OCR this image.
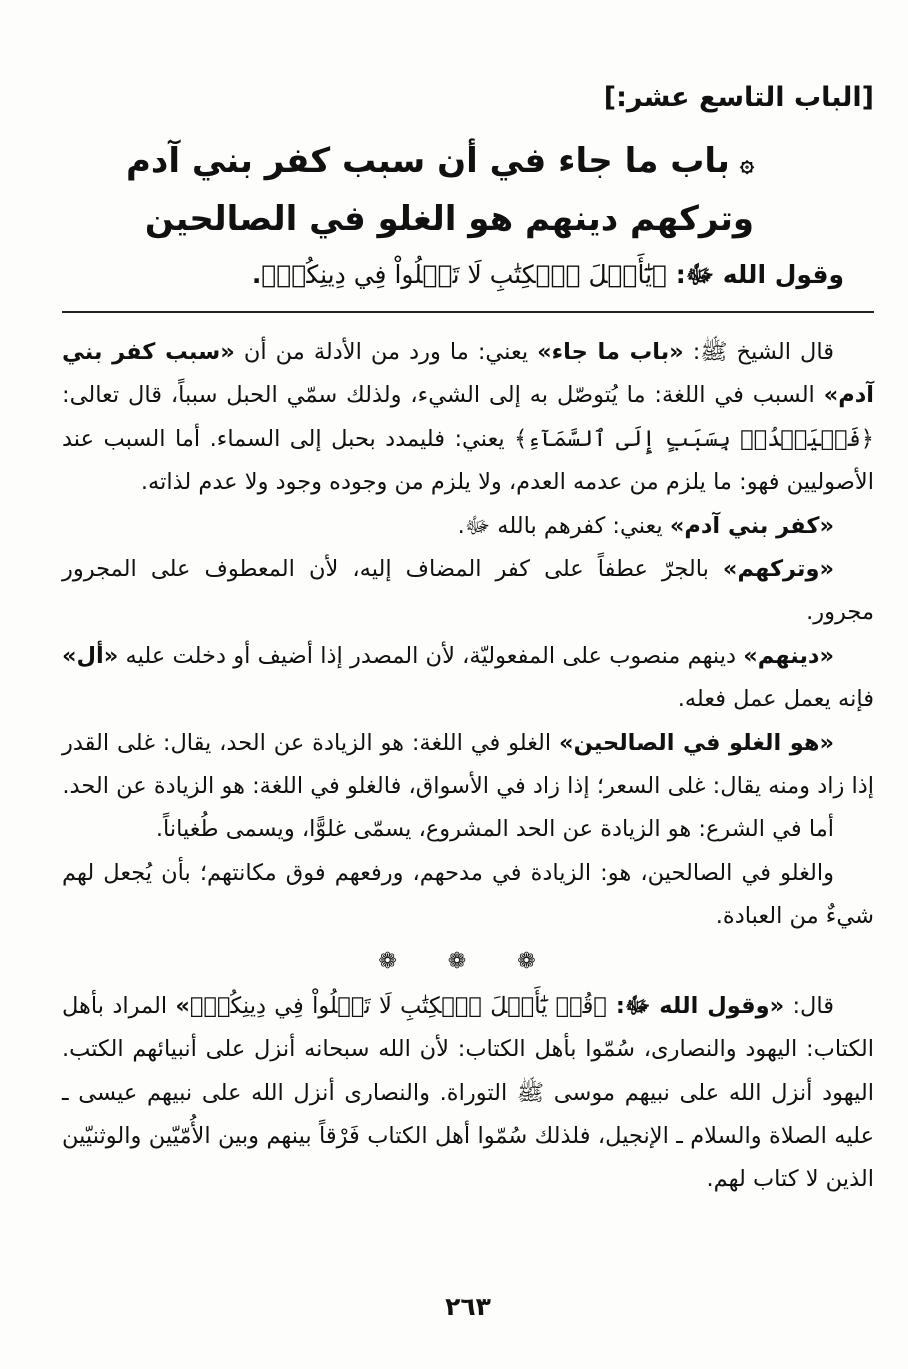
[الباب التاسع عشر:]
۞باب ما جاء في أن سبب كفر بني آدم
وتركهم دينهم هو الغلو في الصالحين
وقول الله ﷻ: ﴿يَٰٓأَهۡلَ ٱلۡكِتَٰبِ لَا تَغۡلُواْ فِي دِينِكُمۡ﴾.

قال الشيخ ﷺ: «باب ما جاء» يعني: ما ورد من الأدلة من أن «سبب كفر بني آدم» السبب في اللغة: ما يُتوصّل به إلى الشيء، ولذلك سمّي الحبل سبباً، قال تعالى: ﴿فَلۡيَمۡدُدۡ بِسَبَبٍ إِلَى ٱلسَّمَآءِ﴾ يعني: فليمدد بحبل إلى السماء. أما السبب عند الأصوليين فهو: ما يلزم من عدمه العدم، ولا يلزم من وجوده وجود ولا عدم لذاته.

«كفر بني آدم» يعني: كفرهم بالله ﷻ.

«وتركهم» بالجرّ عطفاً على كفر المضاف إليه، لأن المعطوف على المجرور مجرور.

«دينهم» دينهم منصوب على المفعوليّة، لأن المصدر إذا أضيف أو دخلت عليه «أل» فإنه يعمل عمل فعله.

«هو الغلو في الصالحين» الغلو في اللغة: هو الزيادة عن الحد، يقال: غلى القدر إذا زاد ومنه يقال: غلى السعر؛ إذا زاد في الأسواق، فالغلو في اللغة: هو الزيادة عن الحد.

أما في الشرع: هو الزيادة عن الحد المشروع، يسمّى غلوًّا، ويسمى طُغياناً.

والغلو في الصالحين، هو: الزيادة في مدحهم، ورفعهم فوق مكانتهم؛ بأن يُجعل لهم شيءٌ من العبادة.

❁ ❁ ❁

قال: «وقول الله ﷻ: ﴿قُلۡ يَٰٓأَهۡلَ ٱلۡكِتَٰبِ لَا تَغۡلُواْ فِي دِينِكُمۡ﴾» المراد بأهل الكتاب: اليهود والنصارى، سُمّوا بأهل الكتاب: لأن الله سبحانه أنزل على أنبيائهم الكتب. اليهود أنزل الله على نبيهم موسى ﷺ التوراة. والنصارى أنزل الله على نبيهم عيسى ـ عليه الصلاة والسلام ـ الإنجيل، فلذلك سُمّوا أهل الكتاب فَرْقاً بينهم وبين الأُمّيّين والوثنيّين الذين لا كتاب لهم.

٢٦٣
